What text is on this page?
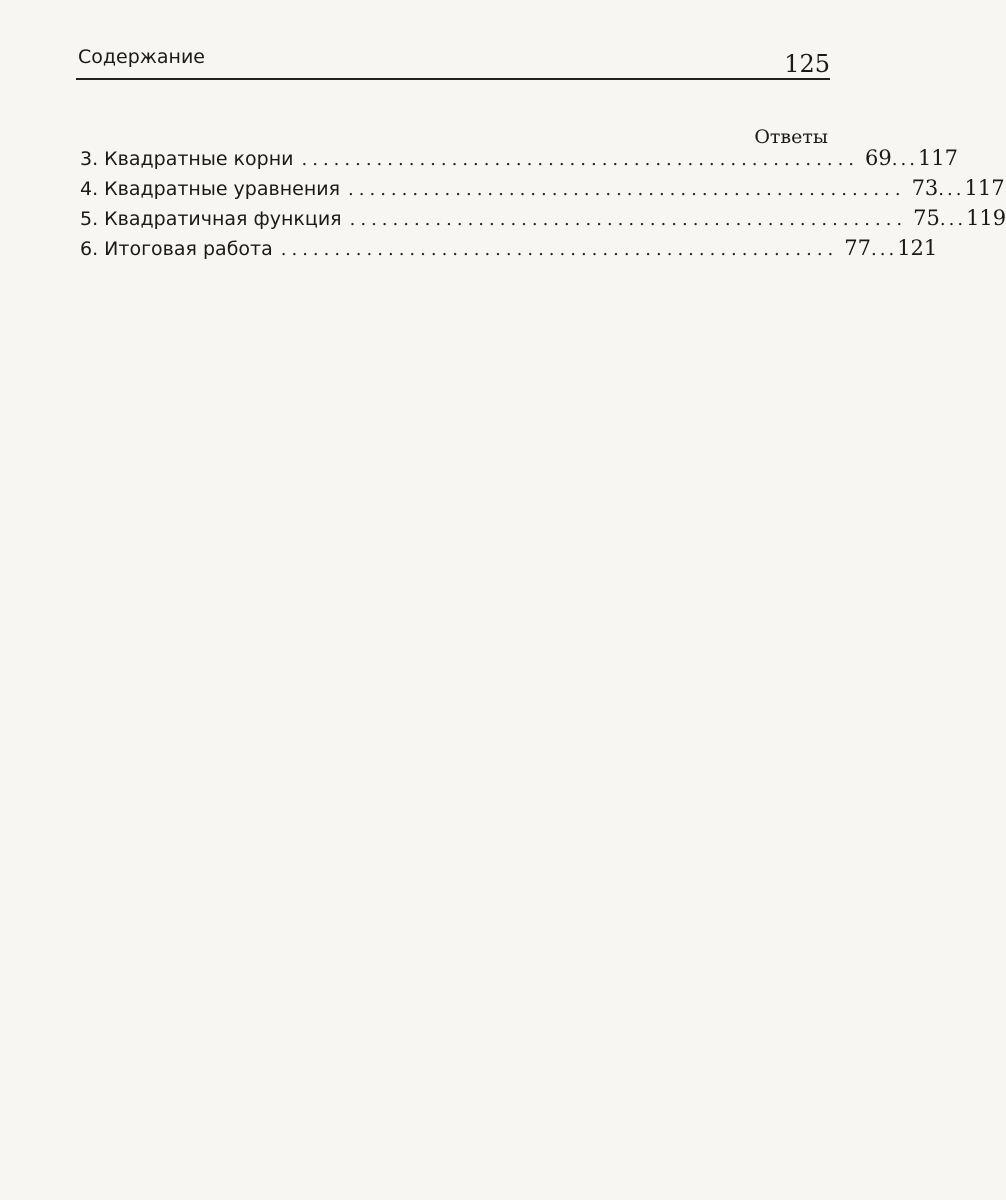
Содержание	125
Ответы
3. Квадратные корни .................................................... 69 ... 117
4. Квадратные уравнения .................................................... 73 ... 117
5. Квадратичная функция .................................................... 75 ... 119
6. Итоговая работа .................................................... 77 ... 121
